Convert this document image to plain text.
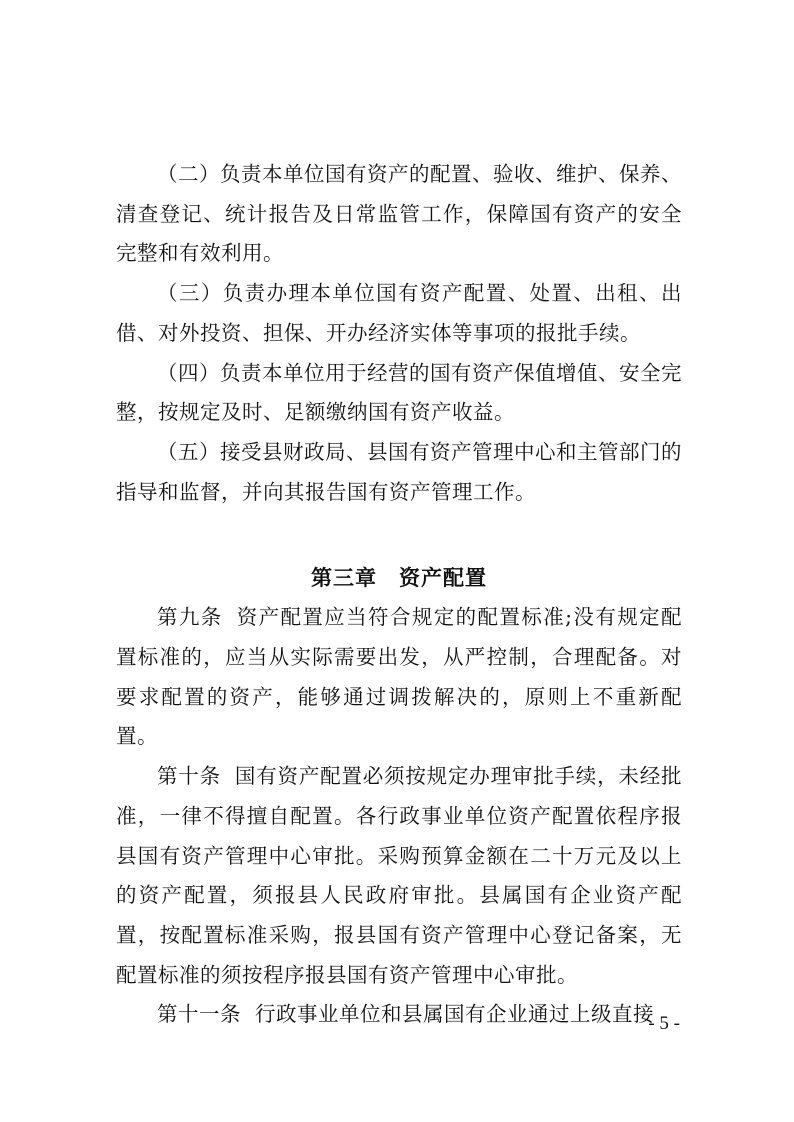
（二）负责本单位国有资产的配置、验收、维护、保养、清查登记、统计报告及日常监管工作，保障国有资产的安全完整和有效利用。

（三）负责办理本单位国有资产配置、处置、出租、出借、对外投资、担保、开办经济实体等事项的报批手续。

（四）负责本单位用于经营的国有资产保值增值、安全完整，按规定及时、足额缴纳国有资产收益。

（五）接受县财政局、县国有资产管理中心和主管部门的指导和监督，并向其报告国有资产管理工作。

第三章　资产配置

第九条 资产配置应当符合规定的配置标准;没有规定配置标准的，应当从实际需要出发，从严控制，合理配备。对要求配置的资产，能够通过调拨解决的，原则上不重新配置。

第十条 国有资产配置必须按规定办理审批手续，未经批准，一律不得擅自配置。各行政事业单位资产配置依程序报县国有资产管理中心审批。采购预算金额在二十万元及以上的资产配置，须报县人民政府审批。县属国有企业资产配置，按配置标准采购，报县国有资产管理中心登记备案，无配置标准的须按程序报县国有资产管理中心审批。

第十一条 行政事业单位和县属国有企业通过上级直接

- 5 -
